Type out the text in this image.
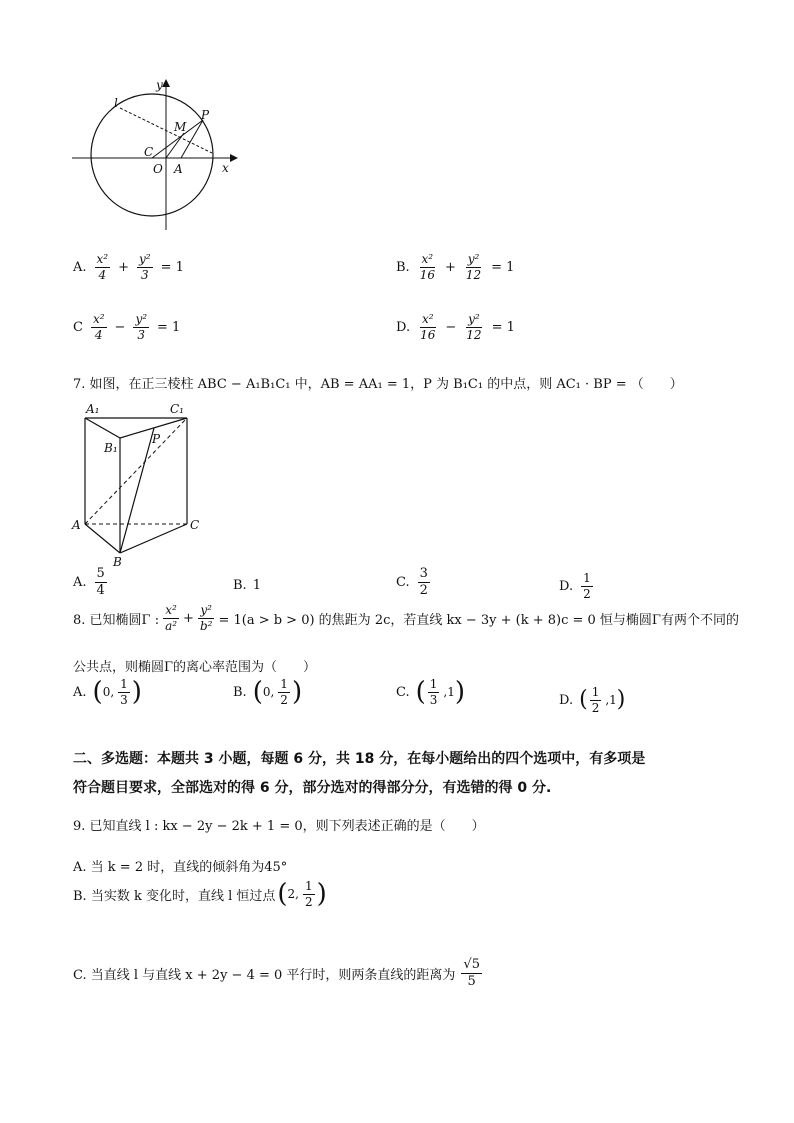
y
x
O A
C
M
P
l
A. $\frac{\text{x²}}{4} + \frac{\text{y²}}{3} = 1$	B. $\frac{\text{x²}}{16} + \frac{\text{y²}}{12} = 1$
C $\frac{\text{x²}}{4} - \frac{\text{y²}}{3} = 1$	D. $\frac{\text{x²}}{16} - \frac{\text{y²}}{12} = 1$
7. 如图，在正三棱柱 ABC − A₁B₁C₁ 中，AB = AA₁ = 1，P 为 B₁C₁ 的中点，则 AC₁ · BP = （　　）
A₁	C₁
B₁
P
A	C
B
A. $\frac{5}{4}$	B. 1	C. $\frac{3}{2}$	D. $\frac{1}{2}$
8. 已知椭圆Γ : $\frac{\text{x²}}{\text{a²}} + \frac{\text{y²}}{\text{b²}} = 1(a > b > 0)$ 的焦距为 2c，若直线 kx − 3y + (k + 8)c = 0 恒与椭圆Γ有两个不同的
公共点，则椭圆Γ的离心率范围为（　　）
A. ( 0, $\frac{1}{3}$ )	B. ( 0, $\frac{1}{2}$ )	C. ( $\frac{1}{3} ,1$ )	D. ( $\frac{1}{2} ,1$ )
二、多选题：本题共 3 小题，每题 6 分，共 18 分，在每小题给出的四个选项中，有多项是
符合题目要求，全部选对的得 6 分，部分选对的得部分分，有选错的得 0 分.
9. 已知直线 l : kx − 2y − 2k + 1 = 0，则下列表述正确的是（　　）
A. 当 k = 2 时，直线的倾斜角为45°
B. 当实数 k 变化时，直线 l 恒过点 ( 2, $\frac{1}{2}$ )
C. 当直线 l 与直线 x + 2y − 4 = 0 平行时，则两条直线的距离为 $\frac{√5}{5}$
